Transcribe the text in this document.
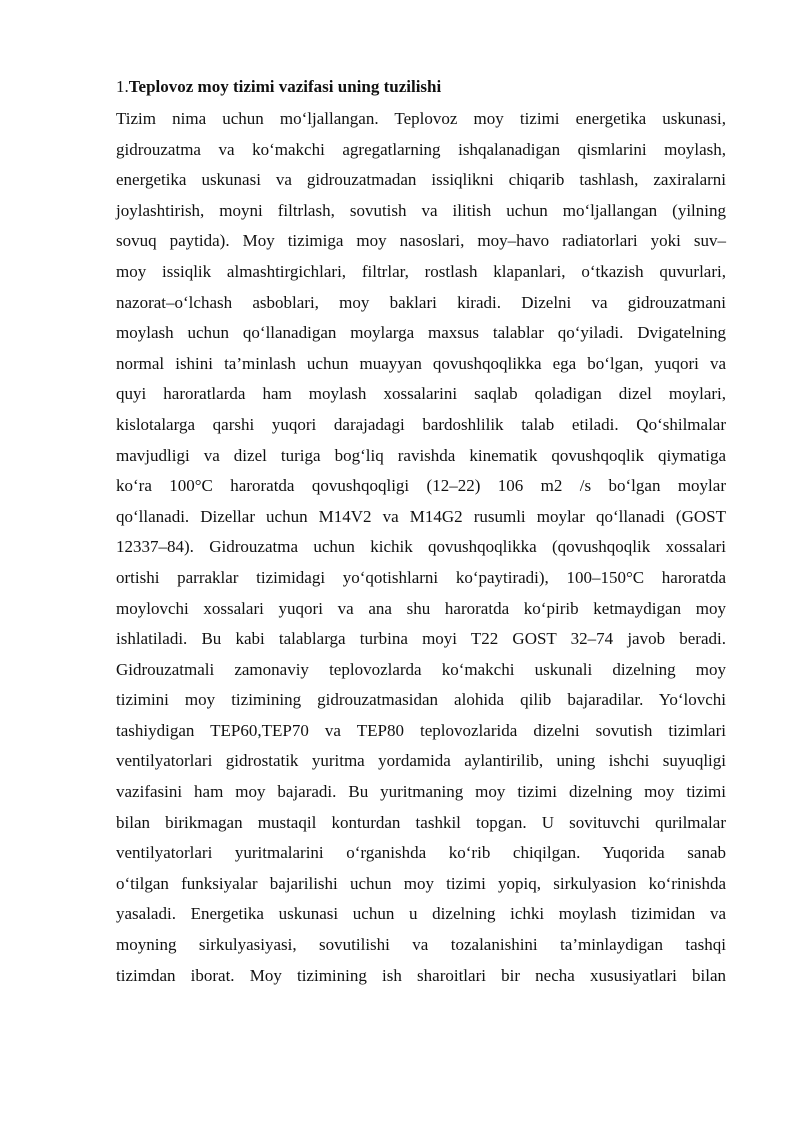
1.Teplovoz moy tizimi vazifasi uning tuzilishi
Tizim nima uchun mo‘ljallangan. Teplovoz moy tizimi energetika uskunasi,
gidrouzatma va ko‘makchi agregatlarning ishqalanadigan qismlarini moylash,
energetika uskunasi va gidrouzatmadan issiqlikni chiqarib tashlash, zaxiralarni
joylashtirish, moyni filtrlash, sovutish va ilitish uchun mo‘ljallangan (yilning
sovuq paytida). Moy tizimiga moy nasoslari, moy–havo radiatorlari yoki suv–
moy issiqlik almashtirgichlari, filtrlar, rostlash klapanlari, o‘tkazish quvurlari,
nazorat–o‘lchash asboblari, moy baklari kiradi. Dizelni va gidrouzatmani
moylash uchun qo‘llanadigan moylarga maxsus talablar qo‘yiladi. Dvigatelning
normal ishini ta’minlash uchun muayyan qovushqoqlikka ega bo‘lgan, yuqori va
quyi haroratlarda ham moylash xossalarini saqlab qoladigan dizel moylari,
kislotalarga qarshi yuqori darajadagi bardoshlilik talab etiladi. Qo‘shilmalar
mavjudligi va dizel turiga bog‘liq ravishda kinematik qovushqoqlik qiymatiga
ko‘ra 100°C haroratda qovushqoqligi (12–22) 106 m2 /s bo‘lgan moylar
qo‘llanadi. Dizellar uchun M14V2 va M14G2 rusumli moylar qo‘llanadi (GOST
12337–84). Gidrouzatma uchun kichik qovushqoqlikka (qovushqoqlik xossalari
ortishi parraklar tizimidagi yo‘qotishlarni ko‘paytiradi), 100–150°C haroratda
moylovchi xossalari yuqori va ana shu haroratda ko‘pirib ketmaydigan moy
ishlatiladi. Bu kabi talablarga turbina moyi T22 GOST 32–74 javob beradi.
Gidrouzatmali zamonaviy teplovozlarda ko‘makchi uskunali dizelning moy
tizimini moy tizimining gidrouzatmasidan alohida qilib bajaradilar. Yo‘lovchi
tashiydigan TEP60,TEP70 va TEP80 teplovozlarida dizelni sovutish tizimlari
ventilyatorlari gidrostatik yuritma yordamida aylantirilib, uning ishchi suyuqligi
vazifasini ham moy bajaradi. Bu yuritmaning moy tizimi dizelning moy tizimi
bilan birikmagan mustaqil konturdan tashkil topgan. U sovituvchi qurilmalar
ventilyatorlari yuritmalarini o‘rganishda ko‘rib chiqilgan. Yuqorida sanab
o‘tilgan funksiyalar bajarilishi uchun moy tizimi yopiq, sirkulyasion ko‘rinishda
yasaladi. Energetika uskunasi uchun u dizelning ichki moylash tizimidan va
moyning sirkulyasiyasi, sovutilishi va tozalanishini ta’minlaydigan tashqi
tizimdan iborat. Moy tizimining ish sharoitlari bir necha xususiyatlari bilan
